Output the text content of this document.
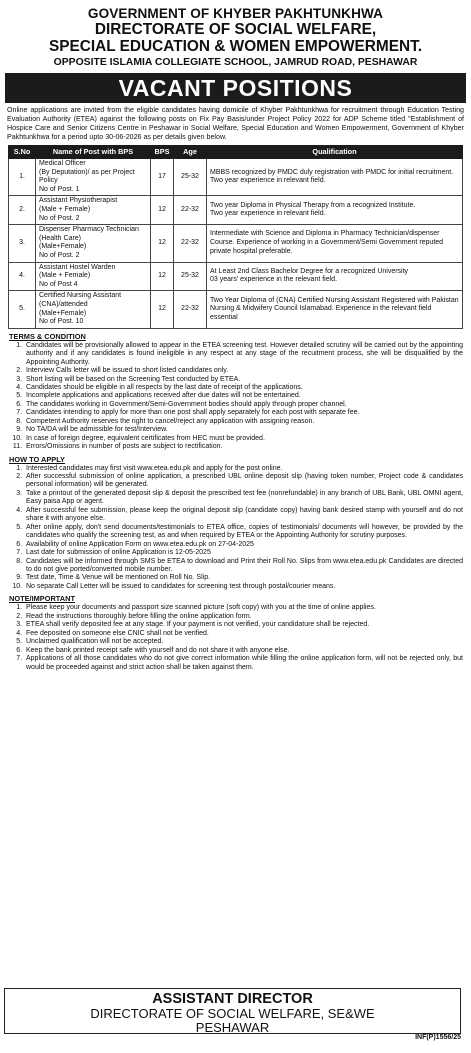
GOVERNMENT OF KHYBER PAKHTUNKHWA
DIRECTORATE OF SOCIAL WELFARE,
SPECIAL EDUCATION & WOMEN EMPOWERMENT.
OPPOSITE ISLAMIA COLLEGIATE SCHOOL, JAMRUD ROAD, PESHAWAR
VACANT POSITIONS
Online applications are invited from the eligible candidates having domicile of Khyber Pakhtunkhwa for recruitment through Education Testing Evaluation Authority (ETEA) against the following posts on Fix Pay Basis/under Project Policy 2022 for ADP Scheme titled "Establishment of Hospice Care and Senior Citizens Centre in Peshawar in Social Welfare, Special Education and Women Empowerment, Government of Khyber Pakhtunkhwa for a period upto 30-06-2026 as per details given below.
S.No	Name of Post with BPS	BPS	Age	Qualification
1.	Medical Officer
(By Deputation)/ as per Project Policy
No of Post. 1	17	25-32	MBBS recognized by PMDC duly registration with PMDC for initial recruitment.
Two year experience in relevant field.
2.	Assistant Physiotherapist
(Male + Female)
No of Post. 2	12	22-32	Two year Diploma in Physical Therapy from a recognized Institute.
Two year experience in relevant field.
3.	Dispenser Pharmacy Technician (Health Care)
(Male+Female)
No of Post. 2	12	22-32	Intermediate with Science and Diploma in Pharmacy Technician/dispenser Course. Experience of working in a Government/Semi Government reputed private hospital preferable.
4.	Assistant Hostel Warden
(Male + Female)
No of Post 4	12	25-32	At Least 2nd Class Bachelor Degree for a recognized University
03 years' experience in the relevant field.
5.	Certified Nursing Assistant
(CNA)/attended
(Male+Female)
No of Post. 10	12	22-32	Two Year Diploma of (CNA) Certified Nursing Assistant Registered with Pakistan Nursing & Midwifery Council Islamabad. Experience in the relevant field essential
TERMS & CONDITION
1. Candidates will be provisionally allowed to appear in the ETEA screening test. However detailed scrutiny will be carried out by the appointing authority and if any candidates is found ineligible in any respect at any stage of the recuitment process, she will be disqualified by the Appointing Authority.
2. Interview Calls letter will be issued to short listed candidates only.
3. Short listing will be based on the Screening Test conducted by ETEA.
4. Candidates should be eligible in all respects by the last date of receipt of the applications.
5. Incomplete applications and applications received after due dates will not be entertained.
6. The candidates working in Government/Semi-Government bodies should apply through proper channel.
7. Candidates intending to apply for more than one post shall apply separately for each post with separate fee.
8. Competent Authority reserves the right to cancel/reject any application with assigning reason.
9. No TA/DA will be admissible for test/Interview.
10. In case of foreign degree, equivalent certificates from HEC must be provided.
11. Errors/Omissions in number of posts are subject to rectification.
HOW TO APPLY
1. Interested candidates may first visit www.etea.edu.pk and apply for the post online.
2. After successful submission of online application, a prescribed UBL online deposit slip (having token number, Project code & candidates personal information) will be generated.
3. Take a printout of the generated deposit slip & deposit the prescribed test fee (nonrefundable) in any branch of UBL Bank, UBL OMNI agent, Easy paisa App or agent.
4. After successful fee submission, please keep the original deposit slip (candidate copy) having bank desired stamp with yourself and do not share it with anyone else.
5. After online apply, don't send documents/testimonials to ETEA office, copies of testimonials/ documents will however, be provided by the candidates who qualify the screening test, as and when required by ETEA or the Appointing Authority for scrutiny purposes.
6. Availability of online Application Form on www.etea.edu.pk on 27-04-2025
7. Last date for submission of online Application is 12-05-2025
8. Candidates will be informed through SMS be ETEA to download and Print their Roll No. Slips from www.etea.edu.pk Candidates are directed to do not give ported/converted mobile number.
9. Test date, Time & Venue will be mentioned on Roll No. Slip.
10. No separate Call Letter will be issued to candidates for screening test through postal/courier means.
NOTE/IMPORTANT
1. Please keep your documents and passport size scanned picture (soft copy) with you at the time of online applies.
2. Read the instructions thoroughly before filling the online application form.
3. ETEA shall verify deposited fee at any stage. If your payment is not verified, your candidature shall be rejected.
4. Fee deposited on someone else CNIC shall not be verified.
5. Unclaimed qualification will not be accepted.
6. Keep the bank printed receipt safe with yourself and do not share it with anyone else.
7. Applications of all those candidates who do not give correct information while filling the online application form, will not be rejected only, but would be proceeded against and strict action shall be taken against them.
ASSISTANT DIRECTOR
DIRECTORATE OF SOCIAL WELFARE, SE&WE
PESHAWAR
INF(P)1556/25
